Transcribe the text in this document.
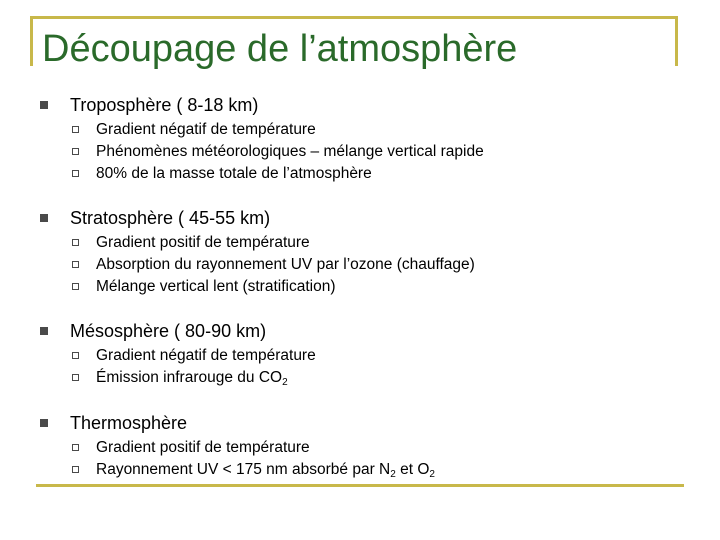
Découpage de l’atmosphère
Troposphère ( 8-18 km)
Gradient négatif de température
Phénomènes météorologiques – mélange vertical rapide
80% de la masse totale de l’atmosphère
Stratosphère ( 45-55 km)
Gradient positif de température
Absorption du rayonnement UV par l’ozone (chauffage)
Mélange vertical lent (stratification)
Mésosphère ( 80-90 km)
Gradient négatif de température
Émission infrarouge du $CO_2$
Thermosphère
Gradient positif de température
Rayonnement UV < 175 nm absorbé par $N_2$ et $O_2$
